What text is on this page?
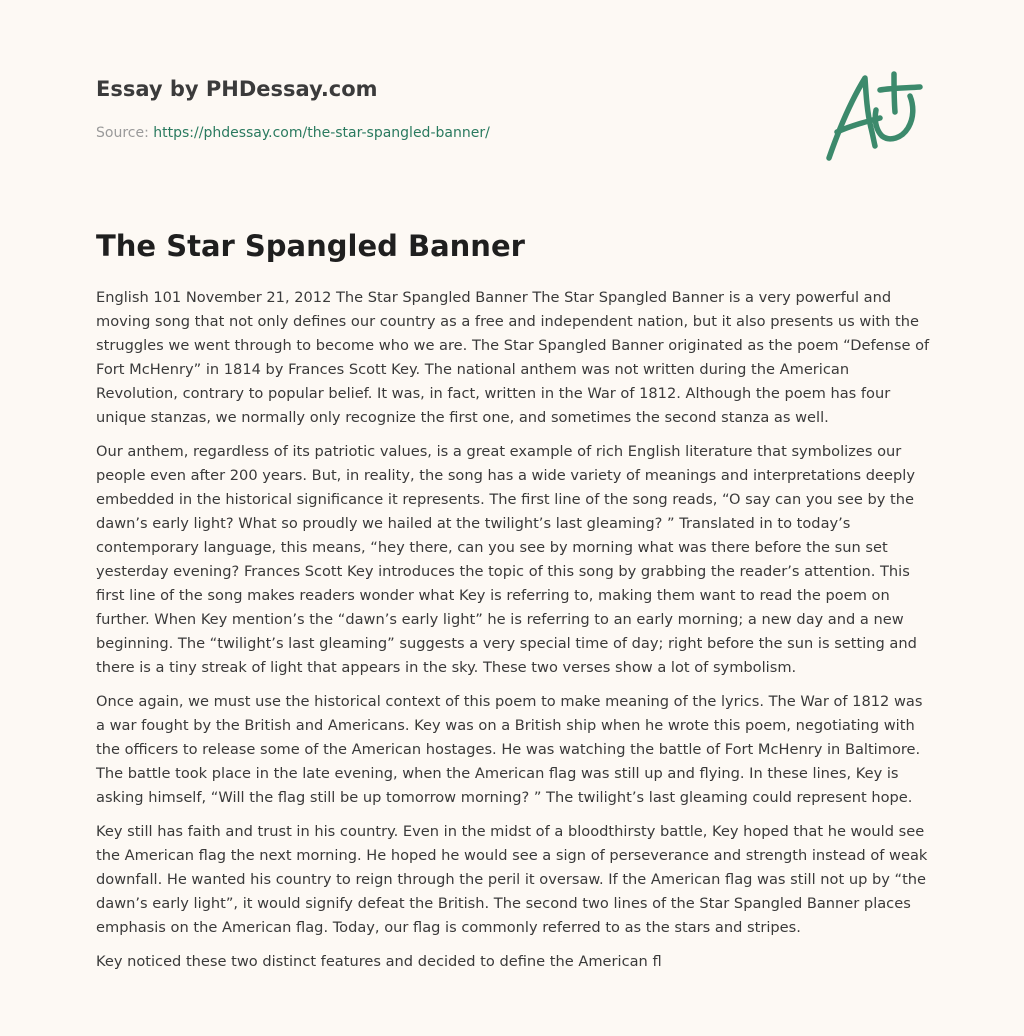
Essay by PHDessay.com
Source: https://phdessay.com/the-star-spangled-banner/
The Star Spangled Banner

English 101 November 21, 2012 The Star Spangled Banner The Star Spangled Banner is a very powerful and moving song that not only defines our country as a free and independent nation, but it also presents us with the struggles we went through to become who we are. The Star Spangled Banner originated as the poem “Defense of Fort McHenry” in 1814 by Frances Scott Key. The national anthem was not written during the American Revolution, contrary to popular belief. It was, in fact, written in the War of 1812. Although the poem has four unique stanzas, we normally only recognize the first one, and sometimes the second stanza as well.

Our anthem, regardless of its patriotic values, is a great example of rich English literature that symbolizes our people even after 200 years. But, in reality, the song has a wide variety of meanings and interpretations deeply embedded in the historical significance it represents. The first line of the song reads, “O say can you see by the dawn’s early light? What so proudly we hailed at the twilight’s last gleaming? ” Translated in to today’s contemporary language, this means, “hey there, can you see by morning what was there before the sun set yesterday evening? Frances Scott Key introduces the topic of this song by grabbing the reader’s attention. This first line of the song makes readers wonder what Key is referring to, making them want to read the poem on further. When Key mention’s the “dawn’s early light” he is referring to an early morning; a new day and a new beginning. The “twilight’s last gleaming” suggests a very special time of day; right before the sun is setting and there is a tiny streak of light that appears in the sky. These two verses show a lot of symbolism.

Once again, we must use the historical context of this poem to make meaning of the lyrics. The War of 1812 was a war fought by the British and Americans. Key was on a British ship when he wrote this poem, negotiating with the officers to release some of the American hostages. He was watching the battle of Fort McHenry in Baltimore. The battle took place in the late evening, when the American flag was still up and flying. In these lines, Key is asking himself, “Will the flag still be up tomorrow morning? ” The twilight’s last gleaming could represent hope.

Key still has faith and trust in his country. Even in the midst of a bloodthirsty battle, Key hoped that he would see the American flag the next morning. He hoped he would see a sign of perseverance and strength instead of weak downfall. He wanted his country to reign through the peril it oversaw. If the American flag was still not up by “the dawn’s early light”, it would signify defeat the British. The second two lines of the Star Spangled Banner places emphasis on the American flag. Today, our flag is commonly referred to as the stars and stripes.

Key noticed these two distinct features and decided to define the American fl
